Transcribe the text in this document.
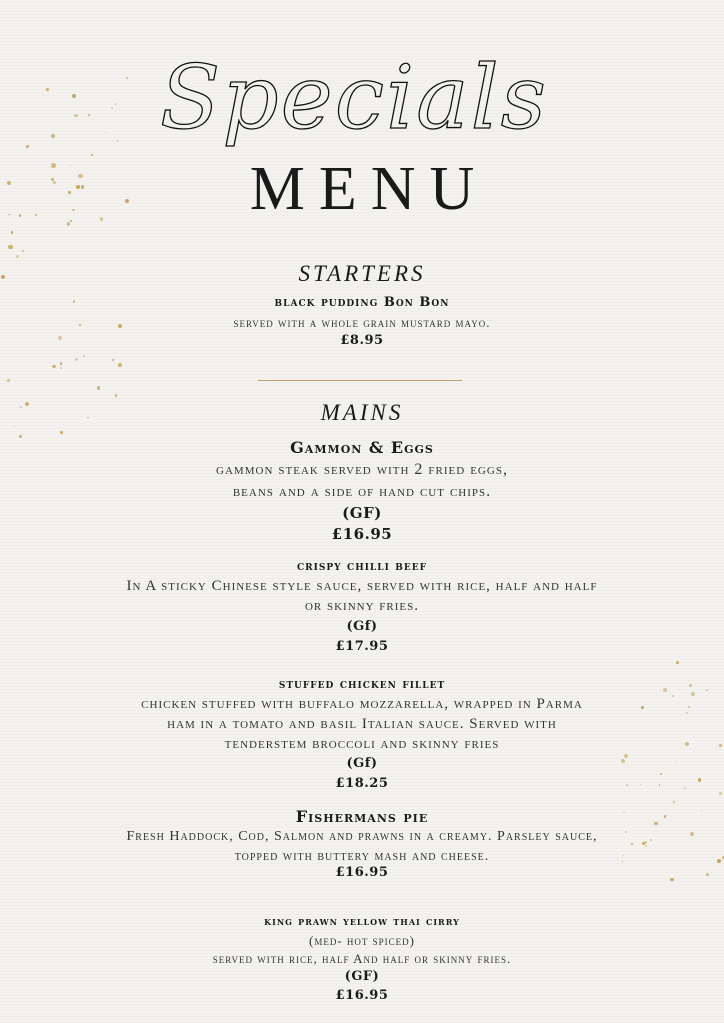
Specials
MENU
STARTERS
black pudding Bon Bon
served with a whole grain mustard mayo.
£8.95
MAINS
Gammon & Eggs
gammon steak served with 2 fried eggs,
beans and a side of hand cut chips.
(GF)
£16.95
crispy chilli beef
In A sticky Chinese style sauce, served with rice, half and half
or skinny fries.
(Gf)
£17.95
stuffed chicken fillet
chicken stuffed with buffalo mozzarella, wrapped in Parma
ham in a tomato and basil Italian sauce. Served with
tenderstem broccoli and skinny fries
(Gf)
£18.25
Fishermans pie
Fresh Haddock, Cod, Salmon and prawns in a creamy. Parsley sauce,
topped with buttery mash and cheese.
£16.95
king prawn yellow thai cirry
(med- hot spiced)
served with rice, half And half or skinny fries.
(GF)
£16.95
